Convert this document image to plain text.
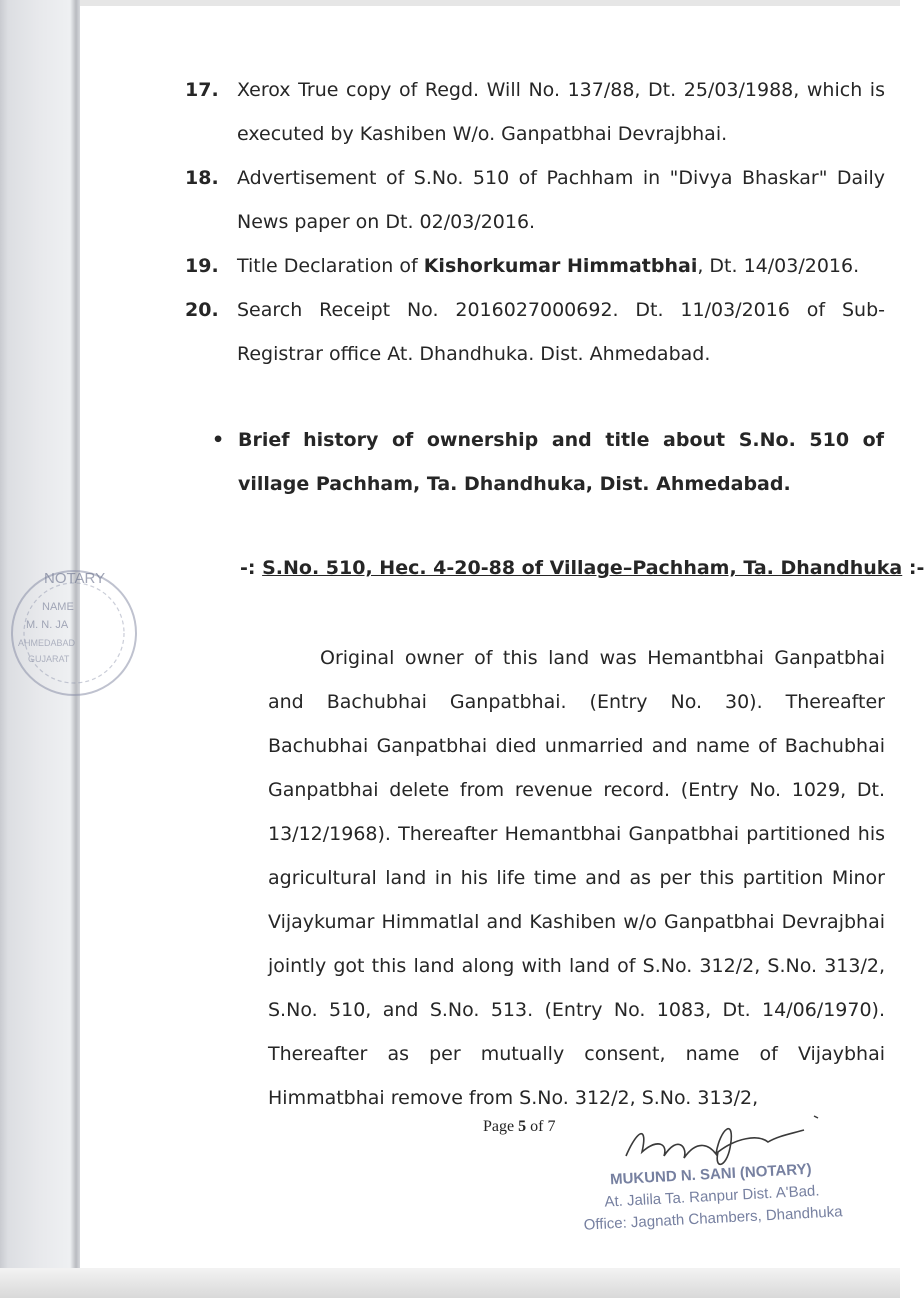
NOTARY
NAME
M. N. JA
AHMEDABAD
GUJARAT
17. Xerox True copy of Regd. Will No. 137/88, Dt. 25/03/1988, which is executed by Kashiben W/o. Ganpatbhai Devrajbhai.
18. Advertisement of S.No. 510 of Pachham in "Divya Bhaskar" Daily News paper on Dt. 02/03/2016.
19. Title Declaration of Kishorkumar Himmatbhai, Dt. 14/03/2016.
20. Search Receipt No. 2016027000692. Dt. 11/03/2016 of Sub-Registrar office At. Dhandhuka. Dist. Ahmedabad.
• Brief history of ownership and title about S.No. 510 of village Pachham, Ta. Dhandhuka, Dist. Ahmedabad.
-: S.No. 510, Hec. 4-20-88 of Village–Pachham, Ta. Dhandhuka :-
Original owner of this land was Hemantbhai Ganpatbhai and Bachubhai Ganpatbhai. (Entry No. 30). Thereafter Bachubhai Ganpatbhai died unmarried and name of Bachubhai Ganpatbhai delete from revenue record. (Entry No. 1029, Dt. 13/12/1968). Thereafter Hemantbhai Ganpatbhai partitioned his agricultural land in his life time and as per this partition Minor Vijaykumar Himmatlal and Kashiben w/o Ganpatbhai Devrajbhai jointly got this land along with land of S.No. 312/2, S.No. 313/2, S.No. 510, and S.No. 513. (Entry No. 1083, Dt. 14/06/1970). Thereafter as per mutually consent, name of Vijaybhai Himmatbhai remove from S.No. 312/2, S.No. 313/2,
Page 5 of 7
MUKUND N. SANI (NOTARY)
At. Jalila Ta. Ranpur Dist. A'Bad.
Office: Jagnath Chambers, Dhandhuka
